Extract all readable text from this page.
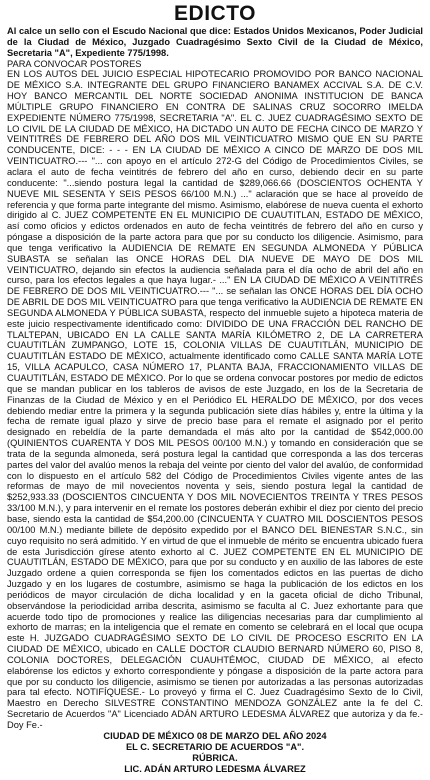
EDICTO

Al calce un sello con el Escudo Nacional que dice: Estados Unidos Mexicanos, Poder Judicial de la Ciudad de México, Juzgado Cuadragésimo Sexto Civil de la Ciudad de México, Secretaria "A", Expediente 775/1998.

PARA CONVOCAR POSTORES

EN LOS AUTOS DEL JUICIO ESPECIAL HIPOTECARIO PROMOVIDO POR BANCO NACIONAL DE MÉXICO S.A. INTEGRANTE DEL GRUPO FINANCIERO BANAMEX ACCIVAL S.A. DE C.V. HOY BANCO MERCANTIL DEL NORTE SOCIEDAD ANONIMA INSTITUCION DE BANCA MÚLTIPLE GRUPO FINANCIERO EN CONTRA DE SALINAS CRUZ SOCORRO IMELDA EXPEDIENTE NÚMERO 775/1998, SECRETARIA "A". EL C. JUEZ CUADRAGÉSIMO SEXTO DE LO CIVIL DE LA CIUDAD DE MÉXICO, HA DICTADO UN AUTO DE FECHA CINCO DE MARZO Y VEINTITRÉS DE FEBRERO DEL AÑO DOS MIL VEINTICUATRO MISMO QUE EN SU PARTE CONDUCENTE, DICE: - - - EN LA CIUDAD DE MÉXICO A CINCO DE MARZO DE DOS MIL VEINTICUATRO.--- "... con apoyo en el artículo 272-G del Código de Procedimientos Civiles, se aclara el auto de fecha veintitrés de febrero del año en curso, debiendo decir en su parte conducente: "...siendo postura legal la cantidad de $289,066.66 (DOSCIENTOS OCHENTA Y NUEVE MIL SESENTA Y SEIS PESOS 66/100 M.N.) ..." aclaración que se hace al proveído de referencia y que forma parte integrante del mismo. Asimismo, elabórese de nueva cuenta el exhorto dirigido al C. JUEZ COMPETENTE EN EL MUNICIPIO DE CUAUTITLAN, ESTADO DE MÉXICO, así como oficios y edictos ordenados en auto de fecha veintitrés de febrero del año en curso y póngase a disposición de la parte actora para que por su conducto los diligencie. Asimismo, para que tenga verificativo la AUDIENCIA DE REMATE EN SEGUNDA ALMONEDA Y PÚBLICA SUBASTA se señalan las ONCE HORAS DEL DIA NUEVE DE MAYO DE DOS MIL VEINTICUATRO, dejando sin efectos la audiencia señalada para el día ocho de abril del año en curso, para los efectos legales a que haya lugar.- ..." EN LA CIUDAD DE MÉXICO A VEINTITRÉS DE FEBRERO DE DOS MIL VEINTICUATRO.--- "... se señalan las ONCE HORAS DEL DÍA OCHO DE ABRIL DE DOS MIL VEINTICUATRO para que tenga verificativo la AUDIENCIA DE REMATE EN SEGUNDA ALMONEDA Y PÚBLICA SUBASTA, respecto del inmueble sujeto a hipoteca materia de este juicio respectivamente identificado como: DIVIDIDO DE UNA FRACCIÓN DEL RANCHO DE TLALTEPAN, UBICADO EN LA CALLE SANTA MARÍA KILÓMETRO 2, DE LA CARRETERA CUAUTITLÁN ZUMPANGO, LOTE 15, COLONIA VILLAS DE CUAUTITLÁN, MUNICIPIO DE CUAUTITLÁN ESTADO DE MÉXICO, actualmente identificado como CALLE SANTA MARÍA LOTE 15, VILLA ACAPULCO, CASA NÚMERO 17, PLANTA BAJA, FRACCIONAMIENTO VILLAS DE CUAUTITLÁN, ESTADO DE MÉXICO. Por lo que se ordena convocar postores por medio de edictos que se mandan publicar en los tableros de avisos de este Juzgado, en los de la Secretaria de Finanzas de la Ciudad de México y en el Periódico EL HERALDO DE MÉXICO, por dos veces debiendo mediar entre la primera y la segunda publicación siete días hábiles y, entre la última y la fecha de remate igual plazo y sirve de precio base para el remate el asignado por el perito designado en rebeldía de la parte demandada el más alto por la cantidad de $542,000.00 (QUINIENTOS CUARENTA Y DOS MIL PESOS 00/100 M.N.) y tomando en consideración que se trata de la segunda almoneda, será postura legal la cantidad que corresponda a las dos terceras partes del valor del avalúo menos la rebaja del veinte por ciento del valor del avalúo, de conformidad con lo dispuesto en el artículo 582 del Código de Procedimientos Civiles vigente antes de las reformas de mayo de mil novecientos noventa y seis, siendo postura legal la cantidad de $252,933.33 (DOSCIENTOS CINCUENTA Y DOS MIL NOVECIENTOS TREINTA Y TRES PESOS 33/100 M.N.), y para intervenir en el remate los postores deberán exhibir el diez por ciento del precio base, siendo esta la cantidad de $54,200.00 (CINCUENTA Y CUATRO MIL DOSCIENTOS PESOS 00/100 M.N.) mediante billete de depósito expedido por el BANCO DEL BIENESTAR S.N.C., sin cuyo requisito no será admitido. Y en virtud de que el inmueble de mérito se encuentra ubicado fuera de esta Jurisdicción gírese atento exhorto al C. JUEZ COMPETENTE EN EL MUNICIPIO DE CUAUTITLÁN, ESTADO DE MÉXICO, para que por su conducto y en auxilio de las labores de este Juzgado ordene a quien corresponda se fijen los comentados edictos en las puertas de dicho Juzgado y en los lugares de costumbre, asimismo se haga la publicación de los edictos en los periódicos de mayor circulación de dicha localidad y en la gaceta oficial de dicho Tribunal, observándose la periodicidad arriba descrita, asimismo se faculta al C. Juez exhortante para que acuerde todo tipo de promociones y realice las diligencias necesarias para dar cumplimiento al exhorto de marras; en la inteligencia que el remate en comento se celebrará en el local que ocupa este H. JUZGADO CUADRAGÉSIMO SEXTO DE LO CIVIL DE PROCESO ESCRITO EN LA CIUDAD DE MÉXICO, ubicado en CALLE DOCTOR CLAUDIO BERNARD NÚMERO 60, PISO 8, COLONIA DOCTORES, DELEGACIÓN CUAUHTÉMOC, CIUDAD DE MÉXICO, al efecto elabórense los edictos y exhorto correspondiente y póngase a disposición de la parte actora para que por su conducto los diligencie, asimismo se tienen por autorizadas a las personas autorizadas para tal efecto. NOTIFÍQUESE.- Lo proveyó y firma el C. Juez Cuadragésimo Sexto de lo Civil, Maestro en Derecho SILVESTRE CONSTANTINO MENDOZA GONZÁLEZ ante la fe del C. Secretario de Acuerdos "A" Licenciado ADÁN ARTURO LEDESMA ÁLVAREZ que autoriza y da fe.-Doy Fe.-

CIUDAD DE MÉXICO 08 DE MARZO DEL AÑO 2024

EL C. SECRETARIO DE ACUERDOS "A".

RÚBRICA.

LIC. ADÁN ARTURO LEDESMA ÁLVAREZ
